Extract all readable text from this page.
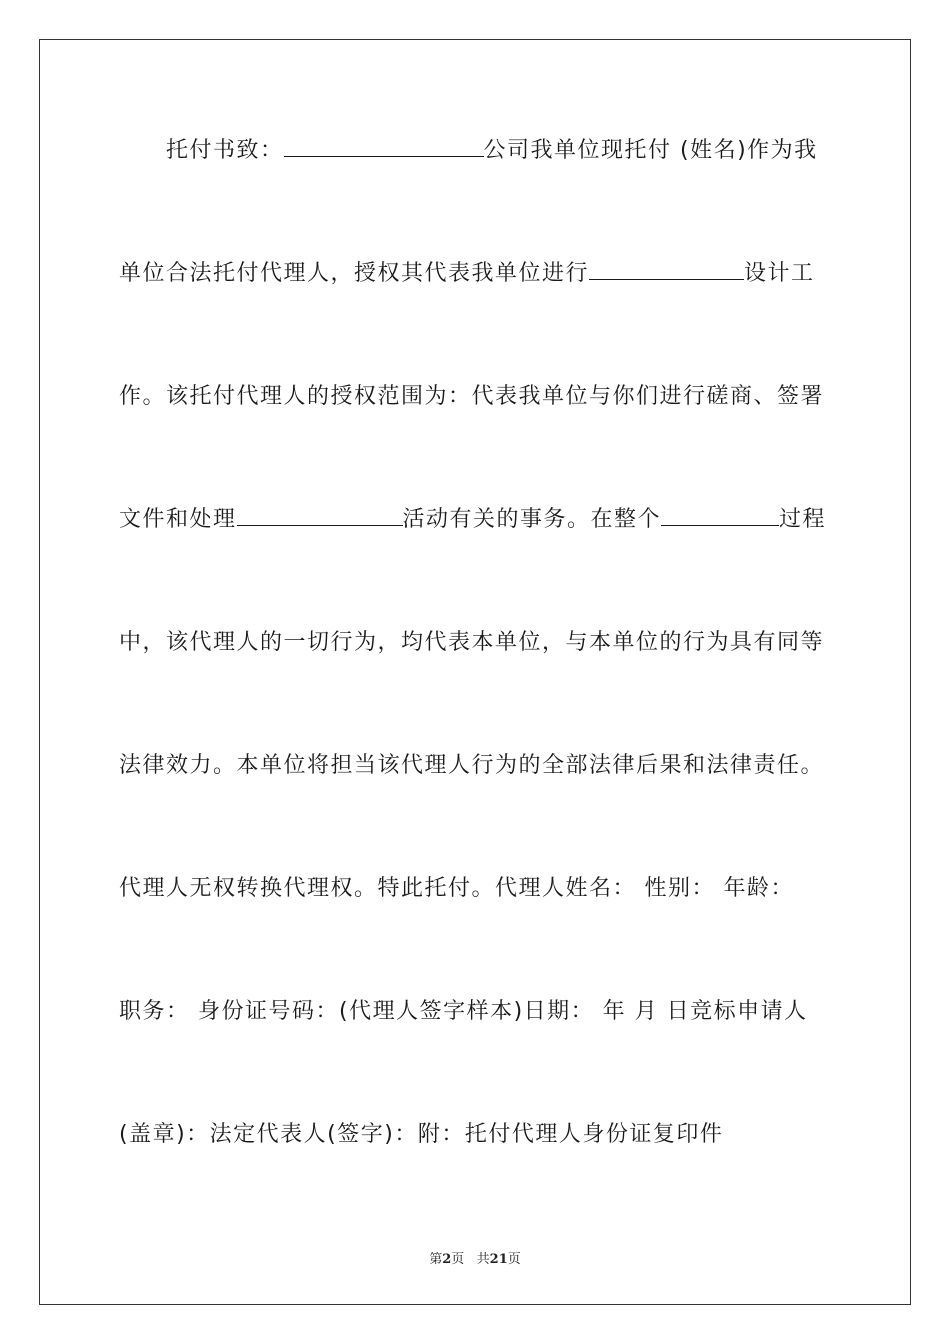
托付书致：	公司我单位现托付 (姓名)作为我
单位合法托付代理人，授权其代表我单位进行	设计工
作。该托付代理人的授权范围为：代表我单位与你们进行磋商、签署
文件和处理	活动有关的事务。在整个	过程
中，该代理人的一切行为，均代表本单位，与本单位的行为具有同等
法律效力。本单位将担当该代理人行为的全部法律后果和法律责任。
代理人无权转换代理权。特此托付。代理人姓名： 性别： 年龄：
职务： 身份证号码：(代理人签字样本)日期： 年 月 日竞标申请人
(盖章)：法定代表人(签字)：附：托付代理人身份证复印件
第2页   共21页
